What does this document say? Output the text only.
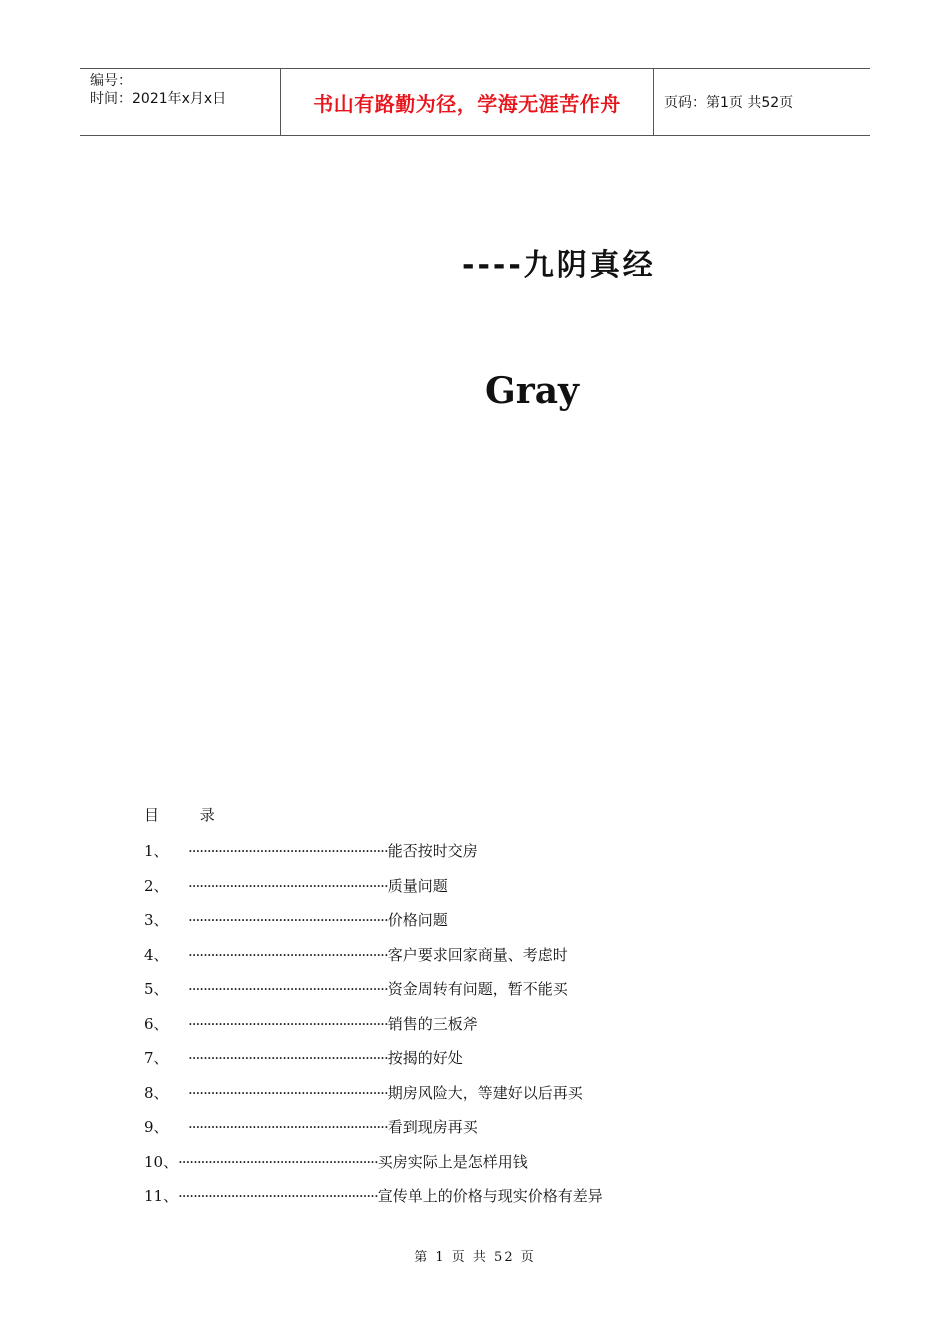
编号：
时间：2021年x月x日	书山有路勤为径，学海无涯苦作舟	页码：第1页 共52页
----九阴真经
Gray
目 录
1、	····················································· 能否按时交房
2、	····················································· 质量问题
3、	····················································· 价格问题
4、	····················································· 客户要求回家商量、考虑时
5、	····················································· 资金周转有问题，暂不能买
6、	····················································· 销售的三板斧
7、	····················································· 按揭的好处
8、	····················································· 期房风险大，等建好以后再买
9、	····················································· 看到现房再买
10、 ····················································· 买房实际上是怎样用钱
11、 ····················································· 宣传单上的价格与现实价格有差异
第 1 页 共 52 页
